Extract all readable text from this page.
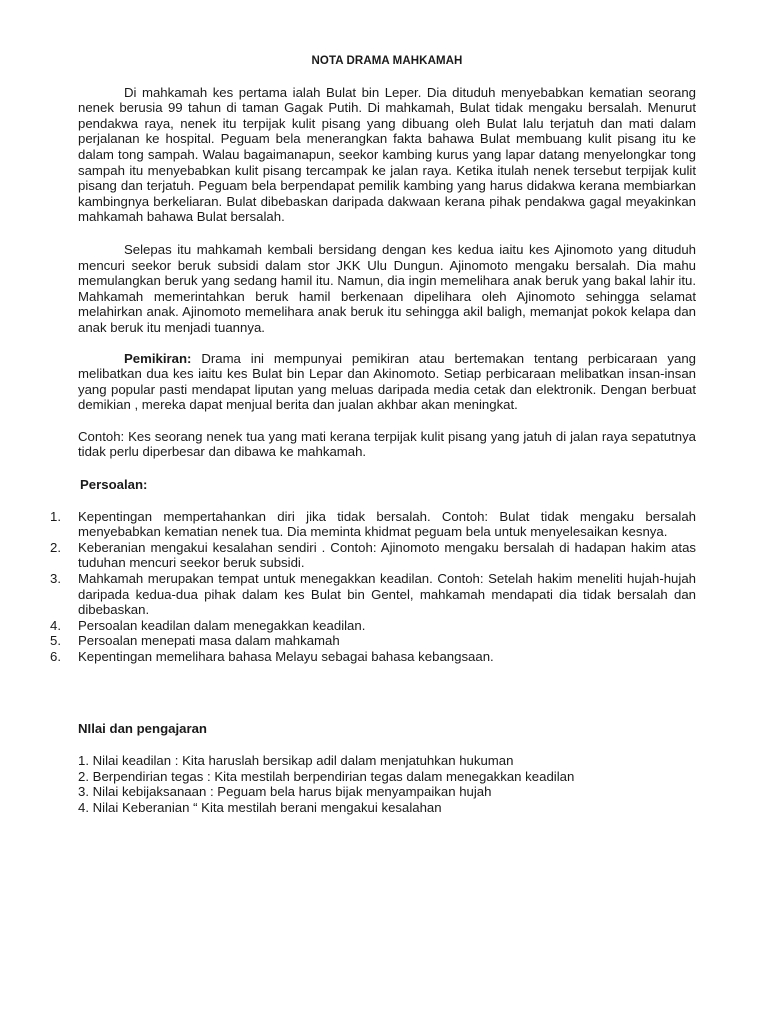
NOTA DRAMA MAHKAMAH

Di mahkamah kes pertama ialah Bulat bin Leper. Dia dituduh menyebabkan kematian seorang nenek berusia 99 tahun di taman Gagak Putih. Di mahkamah, Bulat tidak mengaku bersalah. Menurut pendakwa raya, nenek itu terpijak kulit pisang yang dibuang oleh Bulat lalu terjatuh dan mati dalam perjalanan ke hospital. Peguam bela menerangkan fakta bahawa Bulat membuang kulit pisang itu ke dalam tong sampah. Walau bagaimanapun, seekor kambing kurus yang lapar datang menyelongkar tong sampah itu menyebabkan kulit pisang tercampak ke jalan raya. Ketika itulah nenek tersebut terpijak kulit pisang dan terjatuh. Peguam bela berpendapat pemilik kambing yang harus didakwa kerana membiarkan kambingnya berkeliaran. Bulat dibebaskan daripada dakwaan kerana pihak pendakwa gagal meyakinkan mahkamah bahawa Bulat bersalah.

Selepas itu mahkamah kembali bersidang dengan kes kedua iaitu kes Ajinomoto yang dituduh mencuri seekor beruk subsidi dalam stor JKK Ulu Dungun. Ajinomoto mengaku bersalah. Dia mahu memulangkan beruk yang sedang hamil itu. Namun, dia ingin memelihara anak beruk yang bakal lahir itu. Mahkamah memerintahkan beruk hamil berkenaan dipelihara oleh Ajinomoto sehingga selamat melahirkan anak. Ajinomoto memelihara anak beruk itu sehingga akil baligh, memanjat pokok kelapa dan anak beruk itu menjadi tuannya.

Pemikiran: Drama ini mempunyai pemikiran atau bertemakan tentang perbicaraan yang melibatkan dua kes iaitu kes Bulat bin Lepar dan Akinomoto. Setiap perbicaraan melibatkan insan-insan yang popular pasti mendapat liputan yang meluas daripada media cetak dan elektronik. Dengan berbuat demikian , mereka dapat menjual berita dan jualan akhbar akan meningkat.

Contoh: Kes seorang nenek tua yang mati kerana terpijak kulit pisang yang jatuh di jalan raya sepatutnya tidak perlu diperbesar dan dibawa ke mahkamah.

Persoalan:

1. Kepentingan mempertahankan diri jika tidak bersalah. Contoh: Bulat tidak mengaku bersalah menyebabkan kematian nenek tua. Dia meminta khidmat peguam bela untuk menyelesaikan kesnya.
2. Keberanian mengakui kesalahan sendiri . Contoh: Ajinomoto mengaku bersalah di hadapan hakim atas tuduhan mencuri seekor beruk subsidi.
3. Mahkamah merupakan tempat untuk menegakkan keadilan. Contoh: Setelah hakim meneliti hujah-hujah daripada kedua-dua pihak dalam kes Bulat bin Gentel, mahkamah mendapati dia tidak bersalah dan dibebaskan.
4. Persoalan keadilan dalam menegakkan keadilan.
5. Persoalan menepati masa dalam mahkamah
6. Kepentingan memelihara bahasa Melayu sebagai bahasa kebangsaan.

NIlai dan pengajaran

1. Nilai keadilan : Kita haruslah bersikap adil dalam menjatuhkan hukuman

2. Berpendirian tegas : Kita mestilah berpendirian tegas dalam menegakkan keadilan

3. Nilai kebijaksanaan : Peguam bela harus bijak menyampaikan hujah

4. Nilai Keberanian “ Kita mestilah berani mengakui kesalahan
